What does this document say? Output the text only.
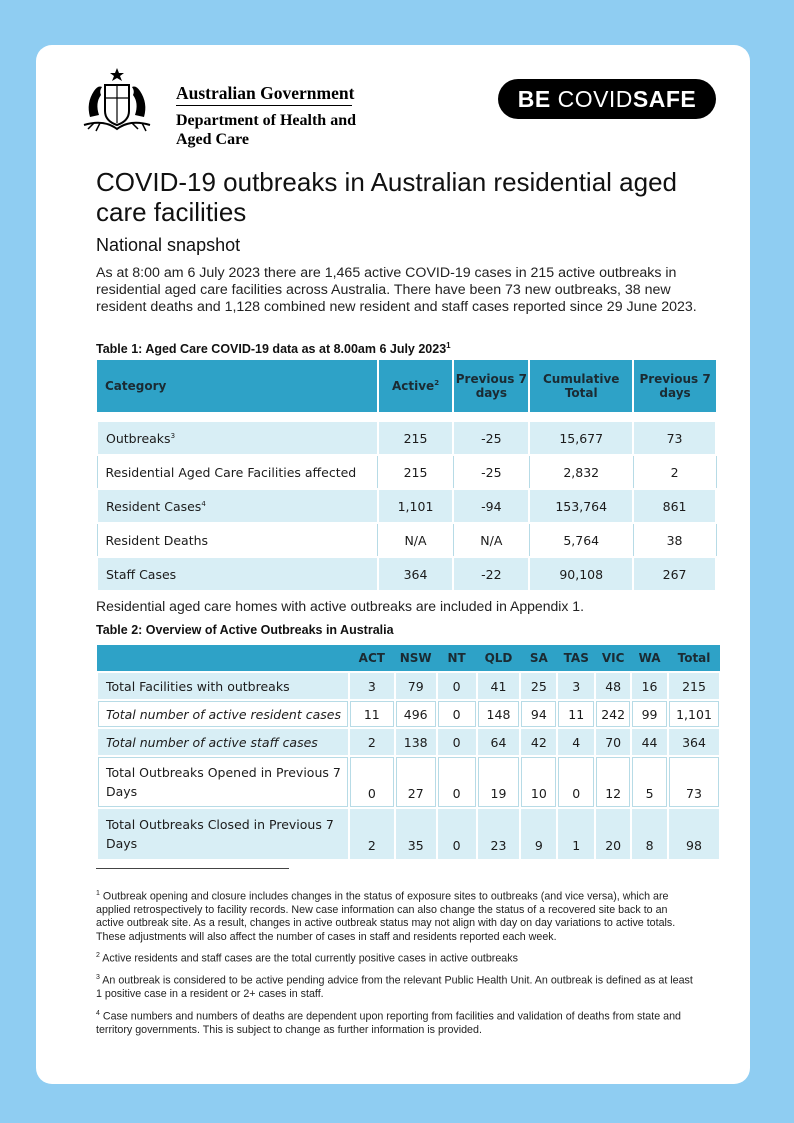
Australian Government
Department of Health and Aged Care
BE COVIDSAFE
COVID-19 outbreaks in Australian residential aged care facilities
National snapshot

As at 8:00 am 6 July 2023 there are 1,465 active COVID-19 cases in 215 active outbreaks in residential aged care facilities across Australia. There have been 73 new outbreaks, 38 new resident deaths and 1,128 combined new resident and staff cases reported since 29 June 2023.

Table 1: Aged Care COVID-19 data as at 8.00am 6 July 2023$^1$
Category	Active$^2$	Previous 7 days	Cumulative Total	Previous 7 days

Outbreaks$^3$	215	-25	15,677	73
Residential Aged Care Facilities affected	215	-25	2,832	2
Resident Cases$^4$	1,101	-94	153,764	861
Resident Deaths	N/A	N/A	5,764	38
Staff Cases	364	-22	90,108	267
Residential aged care homes with active outbreaks are included in Appendix 1.
Table 2: Overview of Active Outbreaks in Australia
	ACT	NSW	NT	QLD	SA	TAS	VIC	WA	Total
Total Facilities with outbreaks	3	79	0	41	25	3	48	16	215
Total number of active resident cases	11	496	0	148	94	11	242	99	1,101
Total number of active staff cases	2	138	0	64	42	4	70	44	364
Total Outbreaks Opened in Previous 7 Days	0	27	0	19	10	0	12	5	73
Total Outbreaks Closed in Previous 7 Days	2	35	0	23	9	1	20	8	98

$^1$ Outbreak opening and closure includes changes in the status of exposure sites to outbreaks (and vice versa), which are applied retrospectively to facility records. New case information can also change the status of a recovered site back to an active outbreak site. As a result, changes in active outbreak status may not align with day on day variations to active totals. These adjustments will also affect the number of cases in staff and residents reported each week.

$^2$ Active residents and staff cases are the total currently positive cases in active outbreaks

$^3$ An outbreak is considered to be active pending advice from the relevant Public Health Unit. An outbreak is defined as at least 1 positive case in a resident or 2+ cases in staff.

$^4$ Case numbers and numbers of deaths are dependent upon reporting from facilities and validation of deaths from state and territory governments. This is subject to change as further information is provided.
